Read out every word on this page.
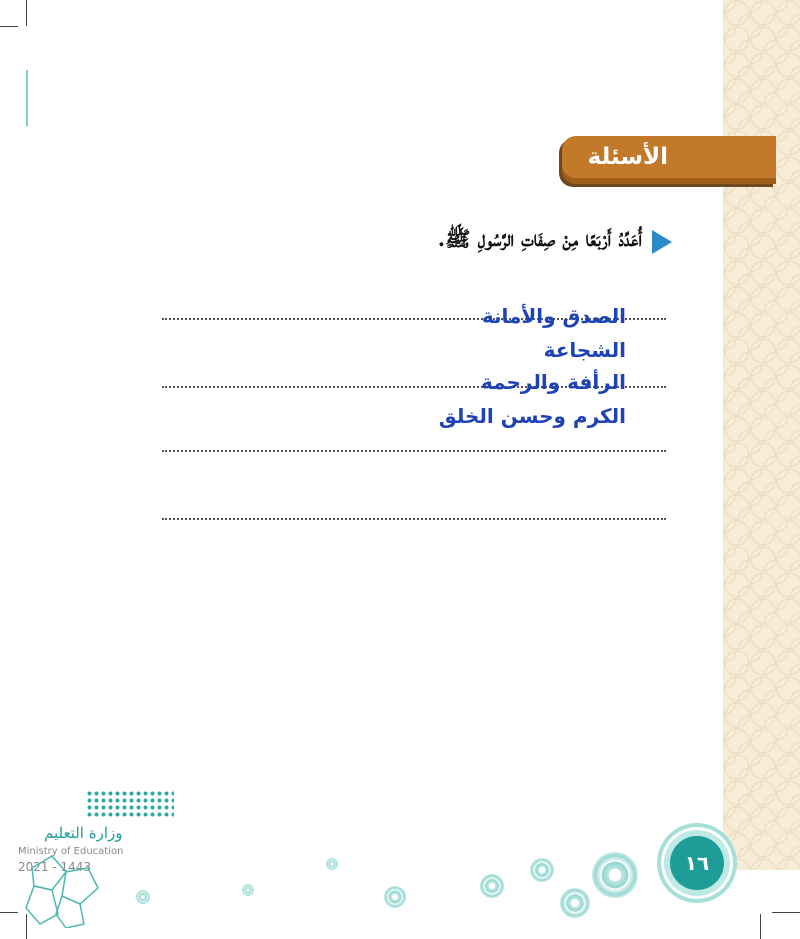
الأسئلة
أُعَدِّدُ أَرْبَعًا مِنْ صِفَاتِ الرَّسُولِ ﷺ.
الصدق والأمانة
الشجاعة
الرأفة والرحمة
الكرم وحسن الخلق
وزارة التعليم
Ministry of Education
2021 - 1443	١٦
